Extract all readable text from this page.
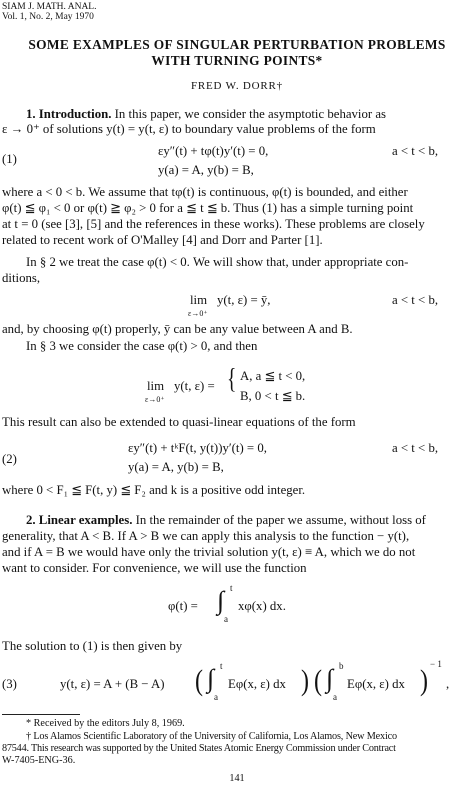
SIAM J. MATH. ANAL.
Vol. 1, No. 2, May 1970
SOME EXAMPLES OF SINGULAR PERTURBATION PROBLEMS
WITH TURNING POINTS*
FRED W. DORR†
1. Introduction. In this paper, we consider the asymptotic behavior as
ε → 0⁺ of solutions y(t) = y(t, ε) to boundary value problems of the form
(1)
εy″(t) + tφ(t)y′(t) = 0,	a < t < b,
y(a) = A, y(b) = B,
where a < 0 < b. We assume that tφ(t) is continuous, φ(t) is bounded, and either
φ(t) ≦ φ₁ < 0 or φ(t) ≧ φ₂ > 0 for a ≦ t ≦ b. Thus (1) has a simple turning point
at t = 0 (see [3], [5] and the references in these works). These problems are closely
related to recent work of O'Malley [4] and Dorr and Parter [1].
In § 2 we treat the case φ(t) < 0. We will show that, under appropriate con-
ditions,
lim
ε→0⁺
y(t, ε) = ȳ,	a < t < b,
and, by choosing φ(t) properly, ȳ can be any value between A and B.
In § 3 we consider the case φ(t) > 0, and then
lim
ε→0⁺
y(t, ε) = { A, a ≦ t < 0,
B, 0 < t ≦ b.
This result can also be extended to quasi-linear equations of the form
(2)
εy″(t) + tᵏF(t, y(t))y′(t) = 0,	a < t < b,
y(a) = A, y(b) = B,
where 0 < F₁ ≦ F(t, y) ≦ F₂ and k is a positive odd integer.
2. Linear examples. In the remainder of the paper we assume, without loss of
generality, that A < B. If A > B we can apply this analysis to the function − y(t),
and if A = B we would have only the trivial solution y(t, ε) ≡ A, which we do not
want to consider. For convenience, we will use the function
φ(t) = ∫ t
a
xφ(x) dx.
The solution to (1) is then given by
(3)	y(t, ε) = A + (B − A) ( ∫ t
a
Eφ(x, ε) dx ) ( ∫ b
a
Eφ(x, ε) dx ) − 1
,
* Received by the editors July 8, 1969.
† Los Alamos Scientific Laboratory of the University of California, Los Alamos, New Mexico
87544. This research was supported by the United States Atomic Energy Commission under Contract
W-7405-ENG-36.
141
